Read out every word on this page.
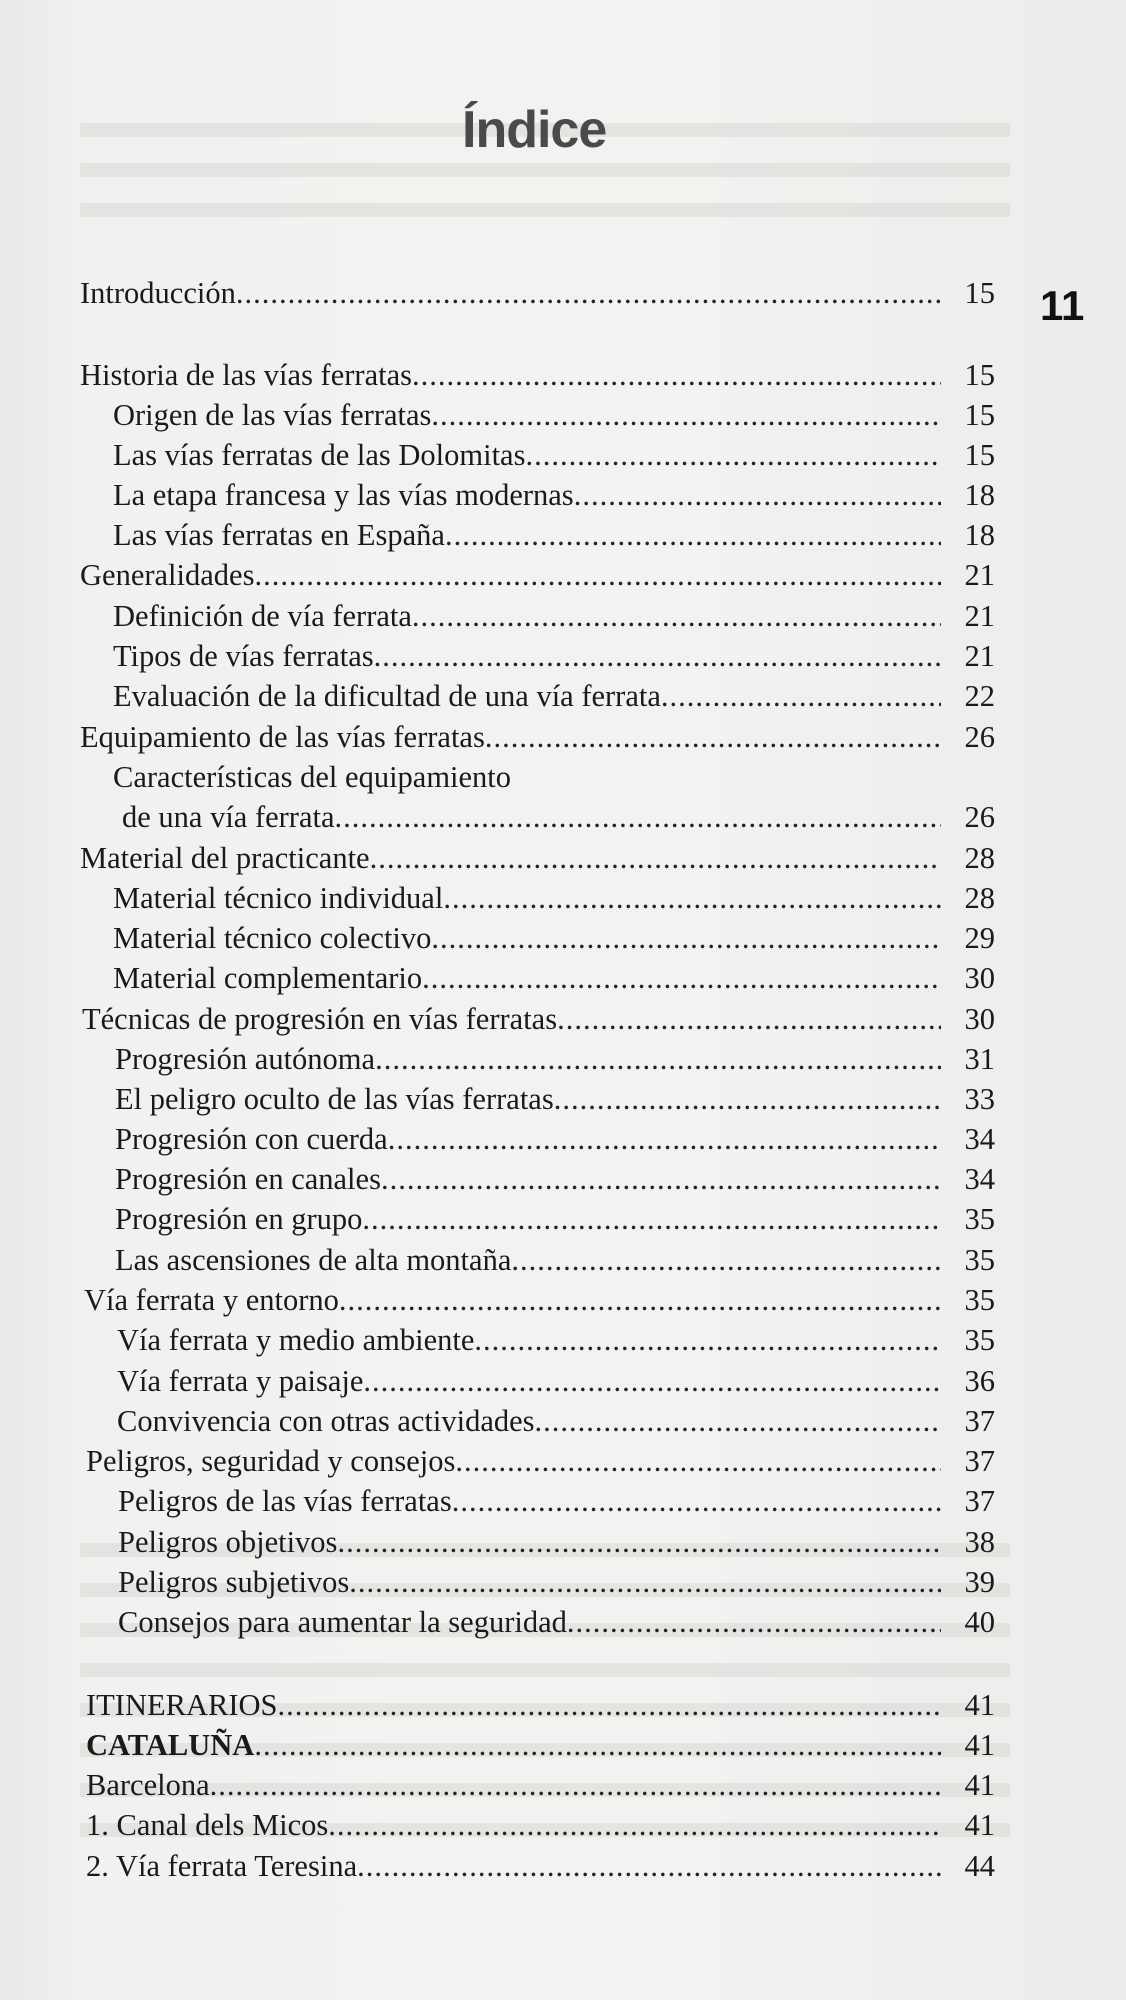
Índice
11
Introducción .....	15
Historia de las vías ferratas .....	15
Origen de las vías ferratas .....	15
Las vías ferratas de las Dolomitas .....	15
La etapa francesa y las vías modernas .....	18
Las vías ferratas en España .....	18
Generalidades .....	21
Definición de vía ferrata .....	21
Tipos de vías ferratas .....	21
Evaluación de la dificultad de una vía ferrata .....	22
Equipamiento de las vías ferratas .....	26
Características del equipamiento
de una vía ferrata .....	26
Material del practicante .....	28
Material técnico individual .....	28
Material técnico colectivo .....	29
Material complementario .....	30
Técnicas de progresión en vías ferratas .....	30
Progresión autónoma .....	31
El peligro oculto de las vías ferratas .....	33
Progresión con cuerda .....	34
Progresión en canales .....	34
Progresión en grupo .....	35
Las ascensiones de alta montaña .....	35
Vía ferrata y entorno .....	35
Vía ferrata y medio ambiente .....	35
Vía ferrata y paisaje .....	36
Convivencia con otras actividades .....	37
Peligros, seguridad y consejos .....	37
Peligros de las vías ferratas .....	37
Peligros objetivos .....	38
Peligros subjetivos .....	39
Consejos para aumentar la seguridad .....	40
ITINERARIOS .....	41
CATALUÑA .....	41
Barcelona .....	41
1. Canal dels Micos .....	41
2. Vía ferrata Teresina .....	44
